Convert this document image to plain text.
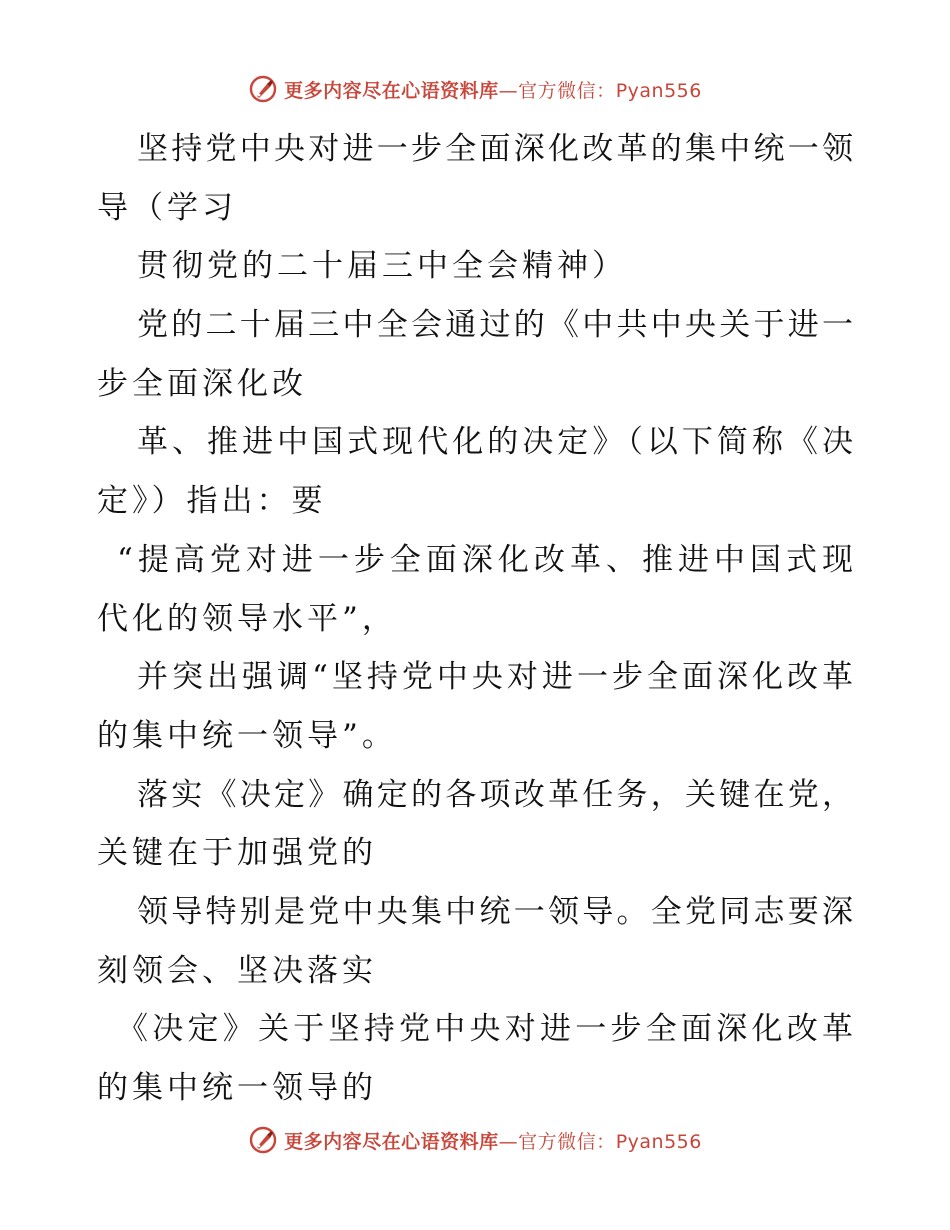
更多内容尽在心语资料库—官方微信：Pyan556
坚持党中央对进一步全面深化改革的集中统一领
导（学习
贯彻党的二十届三中全会精神）
党的二十届三中全会通过的《中共中央关于进一
步全面深化改
革、推进中国式现代化的决定》（以下简称《决
定》）指出：要
“提高党对进一步全面深化改革、推进中国式现
代化的领导水平”，
并突出强调“坚持党中央对进一步全面深化改革
的集中统一领导”。
落实《决定》确定的各项改革任务，关键在党，
关键在于加强党的
领导特别是党中央集中统一领导。全党同志要深
刻领会、坚决落实
《决定》关于坚持党中央对进一步全面深化改革
的集中统一领导的
更多内容尽在心语资料库—官方微信：Pyan556
